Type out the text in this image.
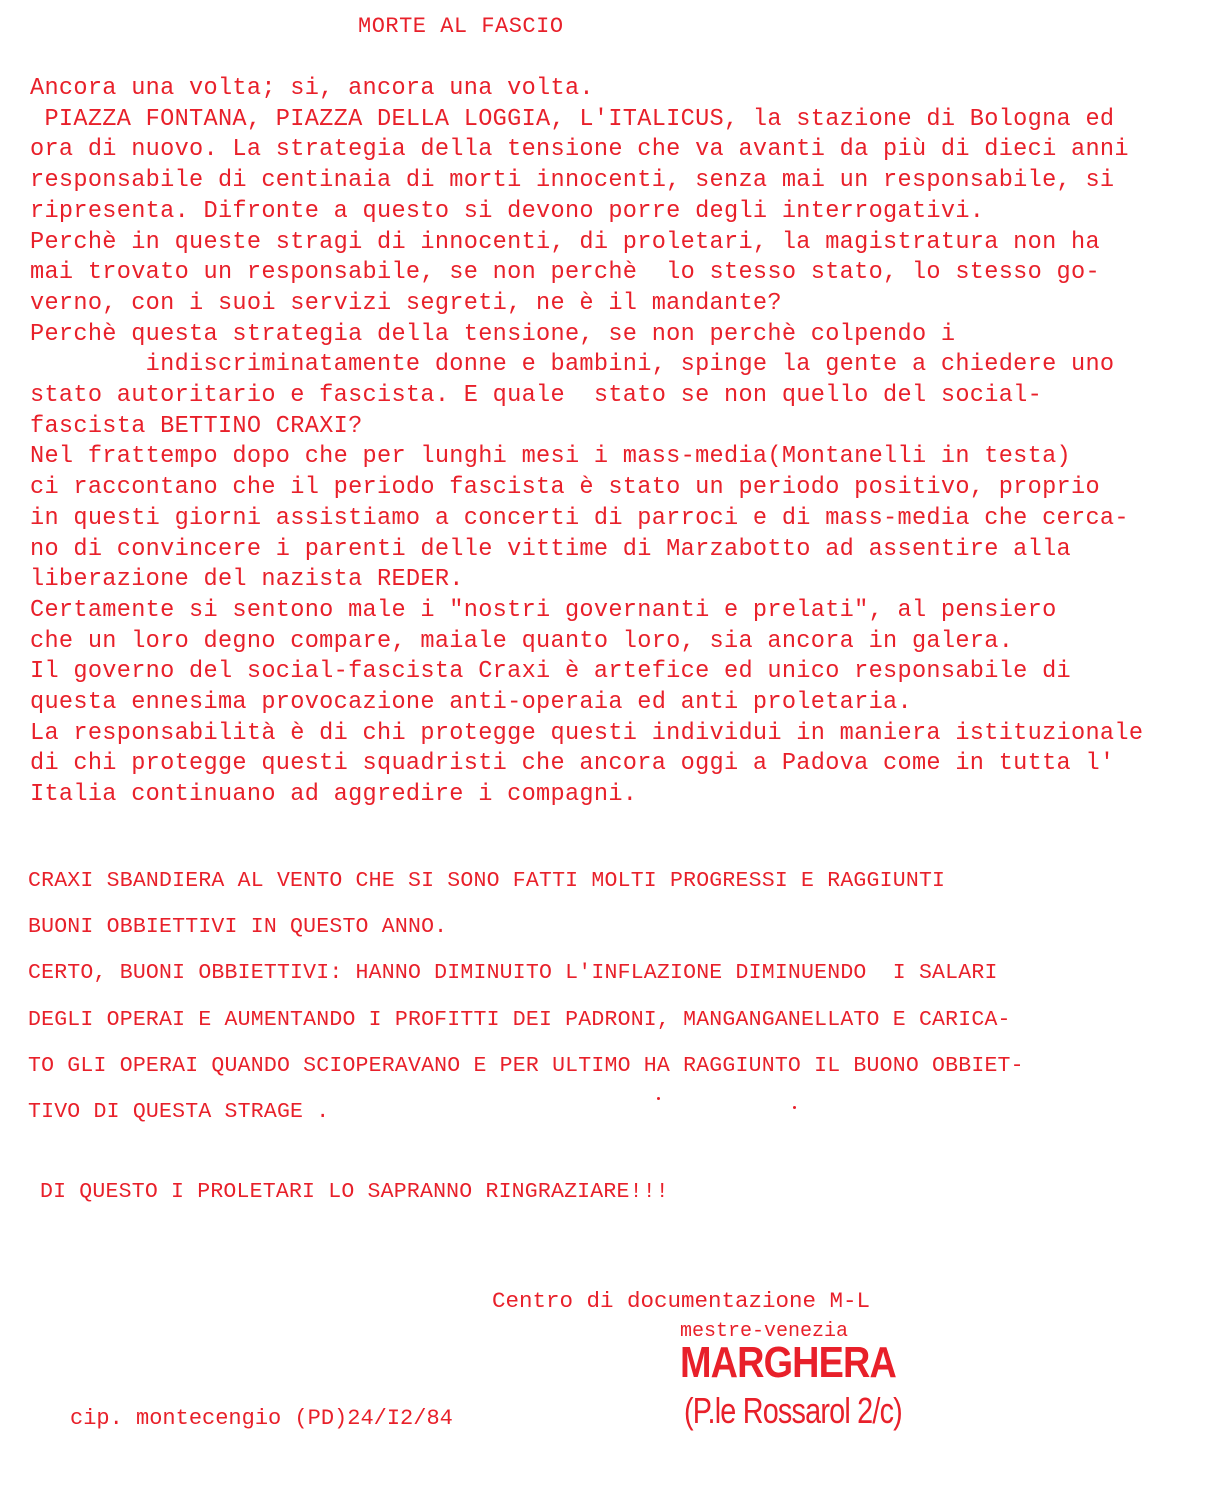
MORTE AL FASCIO
Ancora una volta; si, ancora una volta.
PIAZZA FONTANA, PIAZZA DELLA LOGGIA, L'ITALICUS, la stazione di Bologna ed
ora di nuovo. La strategia della tensione che va avanti da più di dieci anni
responsabile di centinaia di morti innocenti, senza mai un responsabile, si
ripresenta. Difronte a questo si devono porre degli interrogativi.
Perchè in queste stragi di innocenti, di proletari, la magistratura non ha
mai trovato un responsabile, se non perchè  lo stesso stato, lo stesso go-
verno, con i suoi servizi segreti, ne è il mandante?
Perchè questa strategia della tensione, se non perchè colpendo i
indiscriminatamente donne e bambini, spinge la gente a chiedere uno
stato autoritario e fascista. E quale  stato se non quello del social-
fascista BETTINO CRAXI?
Nel frattempo dopo che per lunghi mesi i mass-media(Montanelli in testa)
ci raccontano che il periodo fascista è stato un periodo positivo, proprio
in questi giorni assistiamo a concerti di parroci e di mass-media che cerca-
no di convincere i parenti delle vittime di Marzabotto ad assentire alla
liberazione del nazista REDER.
Certamente si sentono male i "nostri governanti e prelati", al pensiero
che un loro degno compare, maiale quanto loro, sia ancora in galera.
Il governo del social-fascista Craxi è artefice ed unico responsabile di
questa ennesima provocazione anti-operaia ed anti proletaria.
La responsabilità è di chi protegge questi individui in maniera istituzionale
di chi protegge questi squadristi che ancora oggi a Padova come in tutta l'
Italia continuano ad aggredire i compagni.
CRAXI SBANDIERA AL VENTO CHE SI SONO FATTI MOLTI PROGRESSI E RAGGIUNTI
BUONI OBBIETTIVI IN QUESTO ANNO.
CERTO, BUONI OBBIETTIVI: HANNO DIMINUITO L'INFLAZIONE DIMINUENDO  I SALARI
DEGLI OPERAI E AUMENTANDO I PROFITTI DEI PADRONI, MANGANGANELLATO E CARICA-
TO GLI OPERAI QUANDO SCIOPERAVANO E PER ULTIMO HA RAGGIUNTO IL BUONO OBBIET-
TIVO DI QUESTA STRAGE .
DI QUESTO I PROLETARI LO SAPRANNO RINGRAZIARE!!!
Centro di documentazione M-L
mestre-venezia
MARGHERA
(P.le Rossarol 2/c)
cip. montecengio (PD)24/I2/84
